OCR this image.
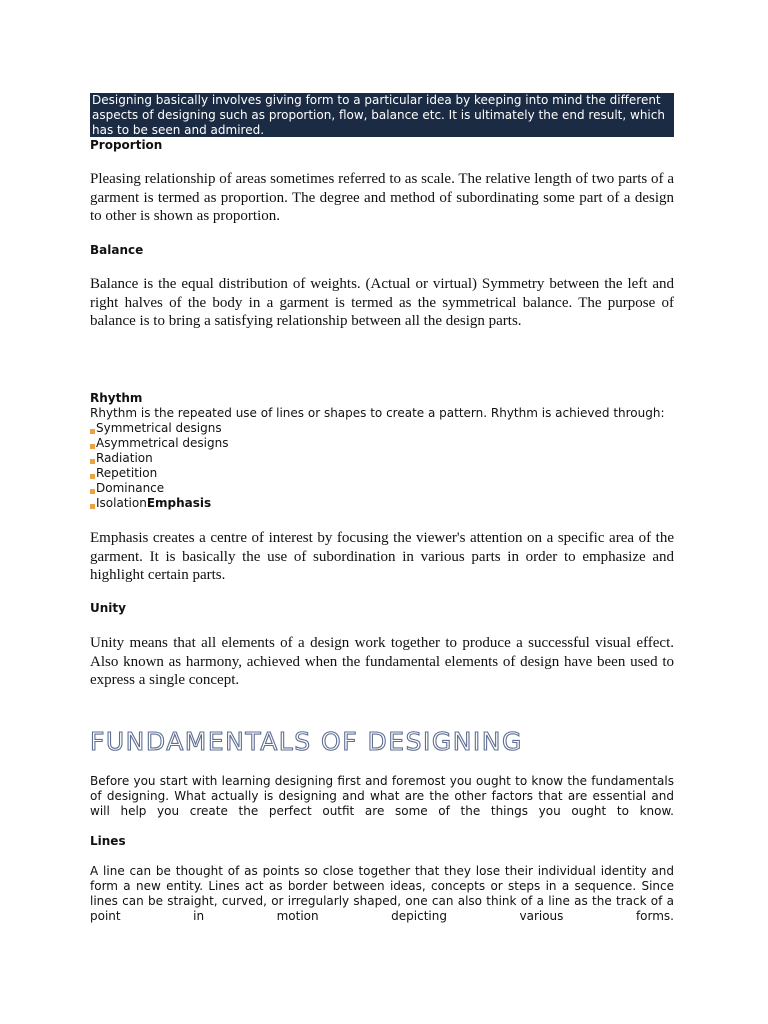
Designing basically involves giving form to a particular idea by keeping into mind the different aspects of designing such as proportion, flow, balance etc. It is ultimately the end result, which has to be seen and admired.
Proportion

Pleasing relationship of areas sometimes referred to as scale. The relative length of two parts of a garment is termed as proportion. The degree and method of subordinating some part of a design to other is shown as proportion.

Balance

Balance is the equal distribution of weights. (Actual or virtual) Symmetry between the left and right halves of the body in a garment is termed as the symmetrical balance. The purpose of balance is to bring a satisfying relationship between all the design parts.

Rhythm

Rhythm is the repeated use of lines or shapes to create a pattern. Rhythm is achieved through:

Symmetrical designs
Asymmetrical designs
Radiation
Repetition
Dominance
IsolationEmphasis

Emphasis creates a centre of interest by focusing the viewer's attention on a specific area of the garment. It is basically the use of subordination in various parts in order to emphasize and highlight certain parts.

Unity

Unity means that all elements of a design work together to produce a successful visual effect. Also known as harmony, achieved when the fundamental elements of design have been used to express a single concept.

FUNDAMENTALS OF DESIGNING

Before you start with learning designing first and foremost you ought to know the fundamentals of designing. What actually is designing and what are the other factors that are essential and will help you create the perfect outfit are some of the things you ought to know.

Lines

A line can be thought of as points so close together that they lose their individual identity and form a new entity. Lines act as border between ideas, concepts or steps in a sequence. Since lines can be straight, curved, or irregularly shaped, one can also think of a line as the track of a point in motion depicting various forms.
